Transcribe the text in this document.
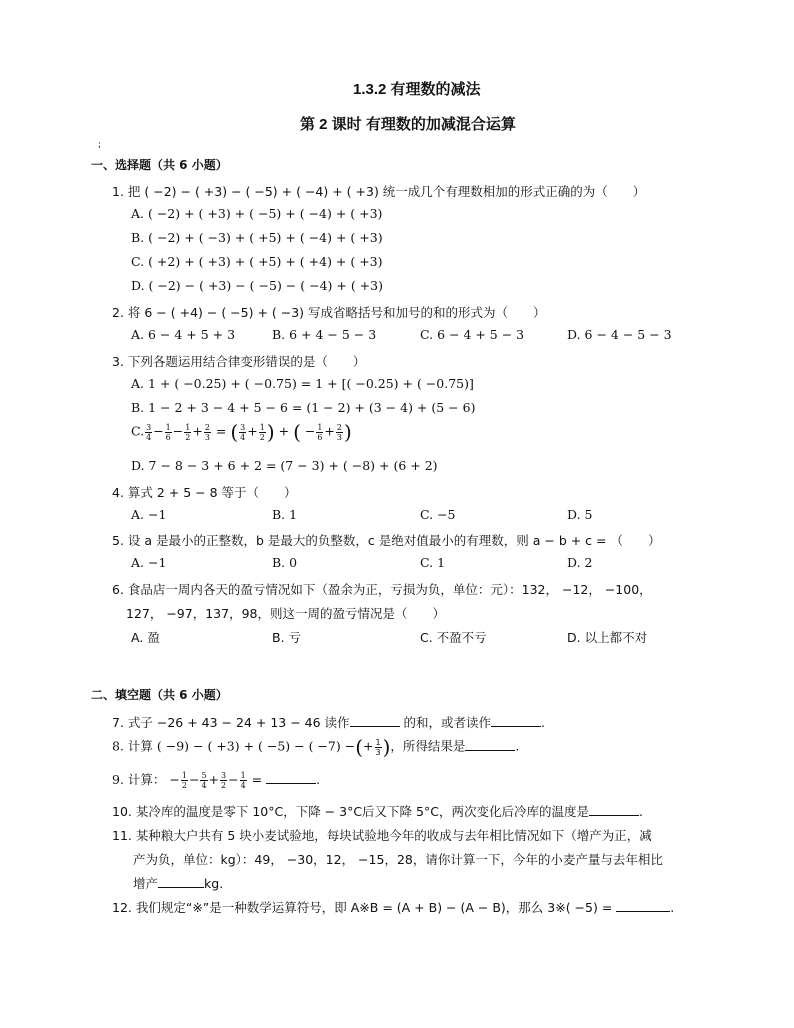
1.3.2 有理数的减法
第 2 课时 有理数的加减混合运算
;
一、选择题（共 6 小题）
1. 把 ( −2) − ( +3) − ( −5) + ( −4) + ( +3) 统一成几个有理数相加的形式正确的为（　　）
A. ( −2) + ( +3) + ( −5) + ( −4) + ( +3)
B. ( −2) + ( −3) + ( +5) + ( −4) + ( +3)
C. ( +2) + ( +3) + ( +5) + ( +4) + ( +3)
D. ( −2) − ( +3) − ( −5) − ( −4) + ( +3)
2. 将 6 − ( +4) − ( −5) + ( −3) 写成省略括号和加号的和的形式为（　　）
A. 6 − 4 + 5 + 3	B. 6 + 4 − 5 − 3	C. 6 − 4 + 5 − 3	D. 6 − 4 − 5 − 3
3. 下列各题运用结合律变形错误的是（　　）
A. 1 + ( −0.25) + ( −0.75) = 1 + [( −0.25) + ( −0.75)]
B. 1 − 2 + 3 − 4 + 5 − 6 = (1 − 2) + (3 − 4) + (5 − 6)
C. $\frac{3}{4} - \frac{1}{6} - \frac{1}{2} + \frac{2}{3}$ = ( $\frac{3}{4} + \frac{1}{2}$ ) + ( − $\frac{1}{6} + \frac{2}{3}$ )
D. 7 − 8 − 3 + 6 + 2 = (7 − 3) + ( −8) + (6 + 2)
4. 算式 2 + 5 − 8 等于（　　）
A. −1	B. 1	C. −5	D. 5
5. 设 a 是最小的正整数，b 是最大的负整数，c 是绝对值最小的有理数，则 a − b + c = （　　）
A. −1	B. 0	C. 1	D. 2
6. 食品店一周内各天的盈亏情况如下（盈余为正，亏损为负，单位：元）：132， −12， −100，
127， −97，137，98，则这一周的盈亏情况是（　　）
A. 盈	B. 亏	C. 不盈不亏	D. 以上都不对
二、填空题（共 6 小题）
7. 式子 −26 + 43 − 24 + 13 − 46 读作	的和，或者读作	.
8. 计算 ( −9) − ( +3) + ( −5) − ( −7) −(+ $\frac{1}{3}$ )，所得结果是	.
9. 计算： − $\frac{1}{2} - \frac{5}{4} + \frac{3}{2} - \frac{1}{4}$ =	.
10. 某冷库的温度是零下 10°C，下降 − 3°C后又下降 5°C，两次变化后冷库的温度是	.
11. 某种粮大户共有 5 块小麦试验地，每块试验地今年的收成与去年相比情况如下（增产为正，减
产为负，单位：kg）：49， −30，12， −15，28，请你计算一下，今年的小麦产量与去年相比
增产	kg.
12. 我们规定“※”是一种数学运算符号，即 A※B = (A + B) − (A − B)，那么 3※( −5) =	.
